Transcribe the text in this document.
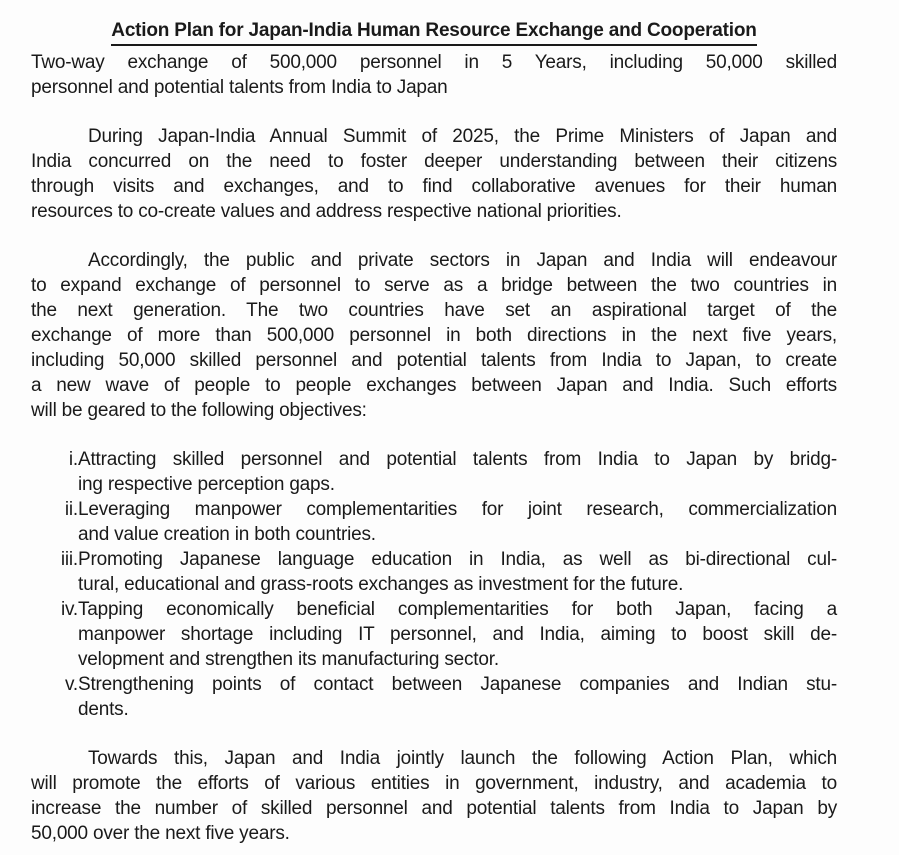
Action Plan for Japan-India Human Resource Exchange and Cooperation
Two-way exchange of 500,000 personnel in 5 Years, including 50,000 skilled
personnel and potential talents from India to Japan
During Japan-India Annual Summit of 2025, the Prime Ministers of Japan and
India concurred on the need to foster deeper understanding between their citizens
through visits and exchanges, and to find collaborative avenues for their human
resources to co-create values and address respective national priorities.
Accordingly, the public and private sectors in Japan and India will endeavour
to expand exchange of personnel to serve as a bridge between the two countries in
the next generation. The two countries have set an aspirational target of the
exchange of more than 500,000 personnel in both directions in the next five years,
including 50,000 skilled personnel and potential talents from India to Japan, to create
a new wave of people to people exchanges between Japan and India. Such efforts
will be geared to the following objectives:
i. Attracting skilled personnel and potential talents from India to Japan by bridg-
ing respective perception gaps.
ii. Leveraging manpower complementarities for joint research, commercialization
and value creation in both countries.
iii. Promoting Japanese language education in India, as well as bi-directional cul-
tural, educational and grass-roots exchanges as investment for the future.
iv. Tapping economically beneficial complementarities for both Japan, facing a
manpower shortage including IT personnel, and India, aiming to boost skill de-
velopment and strengthen its manufacturing sector.
v. Strengthening points of contact between Japanese companies and Indian stu-
dents.
Towards this, Japan and India jointly launch the following Action Plan, which
will promote the efforts of various entities in government, industry, and academia to
increase the number of skilled personnel and potential talents from India to Japan by
50,000 over the next five years.
